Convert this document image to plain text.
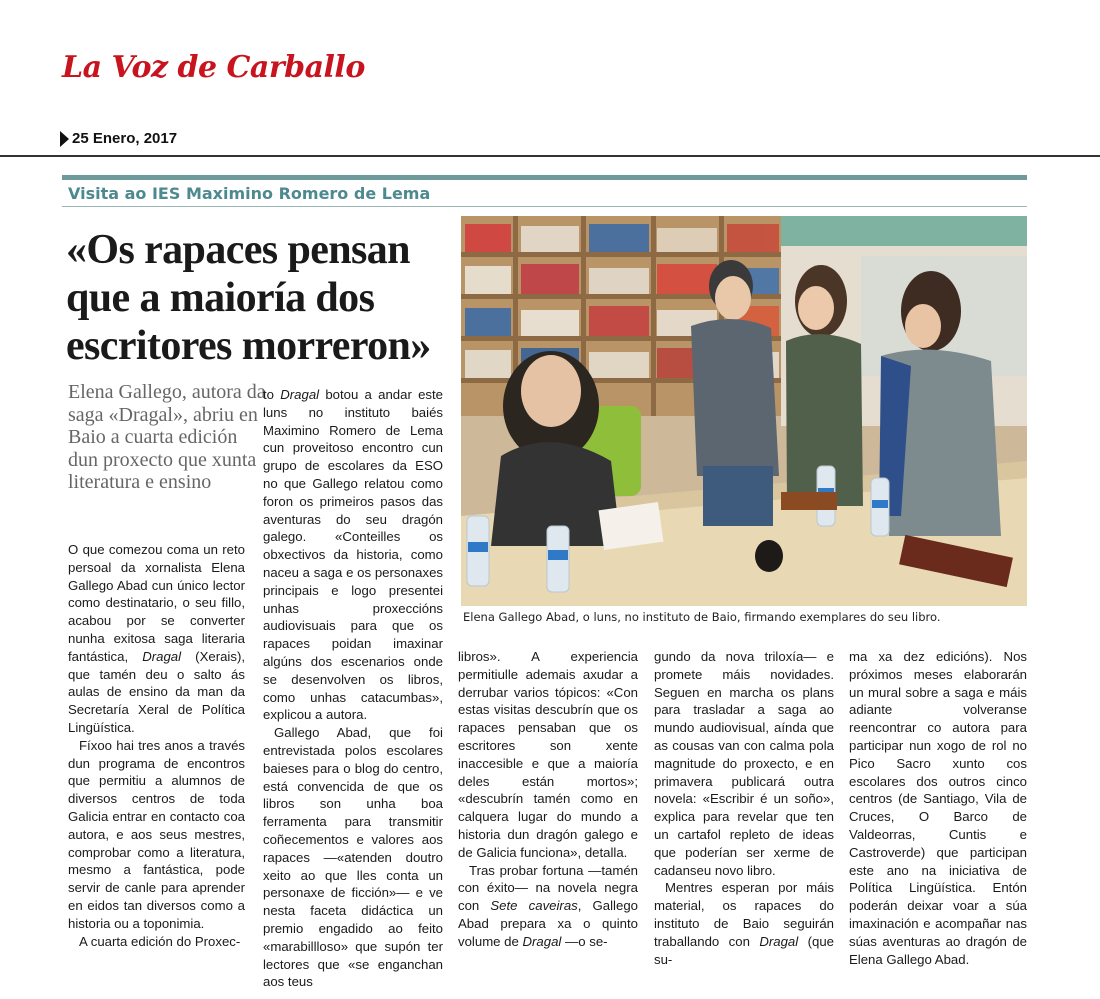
La Voz de Carballo
25 Enero, 2017
Visita ao IES Maximino Romero de Lema
«Os rapaces pensan que a maioría dos escritores morreron»
Elena Gallego, autora da saga «Dragal», abriu en Baio a cuarta edición dun proxecto que xunta literatura e ensino
Elena Gallego Abad, o luns, no instituto de Baio, firmando exemplares do seu libro.

O que comezou coma un reto persoal da xornalista Elena Gallego Abad cun único lector como destinatario, o seu fillo, acabou por se converter nunha exitosa saga literaria fantástica, Dragal (Xerais), que tamén deu o salto ás aulas de ensino da man da Secretaría Xeral de Política Lingüística.

Fíxoo hai tres anos a través dun programa de encontros que permitiu a alumnos de diversos centros de toda Galicia entrar en contacto coa autora, e aos seus mestres, comprobar como a literatura, mesmo a fantástica, pode servir de canle para aprender en eidos tan diversos como a historia ou a toponimia.

A cuarta edición do Proxec-

to Dragal botou a andar este luns no instituto baiés Maximino Romero de Lema cun proveitoso encontro cun grupo de escolares da ESO no que Gallego relatou como foron os primeiros pasos das aventuras do seu dragón galego. «Conteilles os obxectivos da historia, como naceu a saga e os personaxes principais e logo presentei unhas proxeccións audiovisuais para que os rapaces poidan imaxinar algúns dos escenarios onde se desenvolven os libros, como unhas catacumbas», explicou a autora.

Gallego Abad, que foi entrevistada polos escolares baieses para o blog do centro, está convencida de que os libros son unha boa ferramenta para transmitir coñecementos e valores aos rapaces —«atenden doutro xeito ao que lles conta un personaxe de ficción»— e ve nesta faceta didáctica un premio engadido ao feito «marabillloso» que supón ter lectores que «se enganchan aos teus

libros». A experiencia permitiulle ademais axudar a derrubar varios tópicos: «Con estas visitas descubrín que os rapaces pensaban que os escritores son xente inaccesible e que a maioría deles están mortos»; «descubrín tamén como en calquera lugar do mundo a historia dun dragón galego e de Galicia funciona», detalla.

Tras probar fortuna —tamén con éxito— na novela negra con Sete caveiras, Gallego Abad prepara xa o quinto volume de Dragal —o se-

gundo da nova triloxía— e promete máis novidades. Seguen en marcha os plans para trasladar a saga ao mundo audiovisual, aínda que as cousas van con calma pola magnitude do proxecto, e en primavera publicará outra novela: «Escribir é un soño», explica para revelar que ten un cartafol repleto de ideas que poderían ser xerme de cadanseu novo libro.

Mentres esperan por máis material, os rapaces do instituto de Baio seguirán traballando con Dragal (que su-

ma xa dez edicións). Nos próximos meses elaborarán un mural sobre a saga e máis adiante volveranse reencontrar co autora para participar nun xogo de rol no Pico Sacro xunto cos escolares dos outros cinco centros (de Santiago, Vila de Cruces, O Barco de Valdeorras, Cuntis e Castroverde) que participan este ano na iniciativa de Política Lingüística. Entón poderán deixar voar a súa imaxinación e acompañar nas súas aventuras ao dragón de Elena Gallego Abad.
